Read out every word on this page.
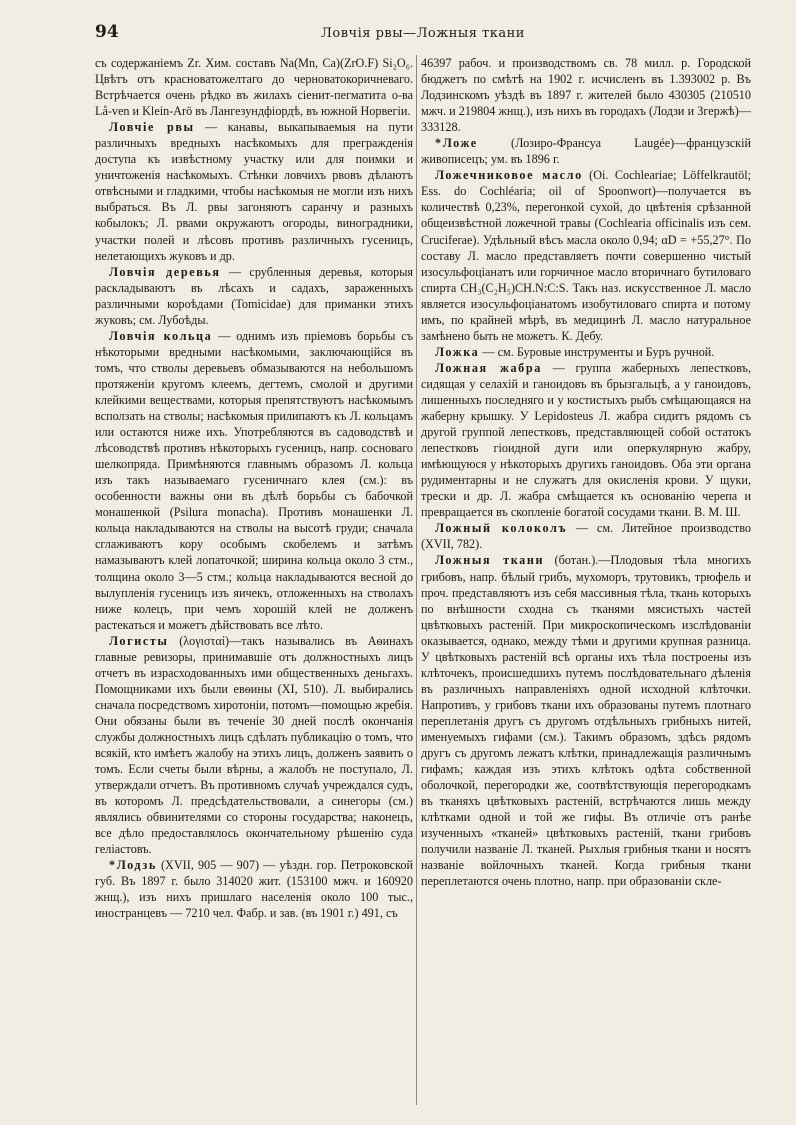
94	Ловчiя рвы—Ложныя ткани

съ содержанiемъ Zr. Хим. составъ Na(Mn, Ca)(ZrO.F) Si₂O₆. Цвѣтъ отъ красноватожелтаго до черноватокоричневаго. Встрѣчается очень рѣдко въ жилахъ сiенит-пегматита о-ва Lå-ven и Klein-Arö въ Лангезундфiордѣ, въ южной Норвегiи.

Ловчiе рвы — канавы, выкапываемыя на пути различныхъ вредныхъ насѣкомыхъ для прегражденiя доступа къ извѣстному участку или для поимки и уничтоженiя насѣкомыхъ. Стѣнки ловчихъ рвовъ дѣлаютъ отвѣсными и гладкими, чтобы насѣкомыя не могли изъ нихъ выбраться. Въ Л. рвы загоняютъ саранчу и разныхъ кобылокъ; Л. рвами окружаютъ огороды, виноградники, участки полей и лѣсовъ противъ различныхъ гусеницъ, нелетающихъ жуковъ и др.

Ловчiя деревья — срубленныя деревья, которыя раскладываютъ въ лѣсахъ и садахъ, зараженныхъ различными короѣдами (Tomicidae) для приманки этихъ жуковъ; см. Лубоѣды.

Ловчiя кольца — однимъ изъ прiемовъ борьбы съ нѣкоторыми вредными насѣкомыми, заключающiйся въ томъ, что стволы деревьевъ обмазываются на небольшомъ протяженiи кругомъ клеемъ, дегтемъ, смолой и другими клейкими веществами, которыя препятствуютъ насѣкомымъ всползать на стволы; насѣкомыя прилипаютъ къ Л. кольцамъ или остаются ниже ихъ. Употребляются въ садоводствѣ и лѣсоводствѣ противъ нѣкоторыхъ гусеницъ, напр. соснoваго шелкопряда. Примѣняются главнымъ образомъ Л. кольца изъ такъ называемаго гусеничнаго клея (см.): въ особенности важны они въ дѣлѣ борьбы съ бабочкой монашенкой (Psilura monacha). Противъ монашенки Л. кольца накладываются на стволы на высотѣ груди; сначала сглаживаютъ кору особымъ скобелемъ и затѣмъ намазываютъ клей лопаточкой; ширина кольца около 3 стм., толщина около 3—5 стм.; кольца накладываются весной до вылупленiя гусеницъ изъ яичекъ, отложенныхъ на стволахъ ниже колецъ, при чемъ хорошiй клей не долженъ растекаться и можетъ дѣйствовать все лѣто.

Логисты (λογισταί)—такъ назывались въ Аѳинахъ главные ревизоры, принимавшiе отъ должностныхъ лицъ отчетъ въ израсходованныхъ ими общественныхъ деньгахъ. Помощниками ихъ были евѳины (XI, 510). Л. выбирались сначала посредствомъ хиротонiи, потомъ—помощью жребiя. Они обязаны были въ теченiе 30 дней послѣ окончанiя службы должностныхъ лицъ сдѣлать публикацiю о томъ, что всякiй, кто имѣетъ жалобу на этихъ лицъ, долженъ заявить о томъ. Если счеты были вѣрны, а жалобъ не поступало, Л. утверждали отчетъ. Въ противномъ случаѣ учреждался судъ, въ которомъ Л. предсѣдательствовали, а синегоры (см.) являлись обвинителями со стороны государства; наконецъ, все дѣло предоставлялось окончательному рѣшенiю суда гелiастовъ.

*Лодзь (XVII, 905 — 907) — уѣздн. гор. Петроковской губ. Въ 1897 г. было 314020 жит. (153100 мжч. и 160920 жнщ.), изъ нихъ пришлаго населенiя около 100 тыс., иностранцевъ — 7210 чел. Фабр. и зав. (въ 1901 г.) 491, съ

46397 рабоч. и производствомъ св. 78 милл. р. Городской бюджетъ по смѣтѣ на 1902 г. исчисленъ въ 1.393002 р. Въ Лодзинскомъ уѣздѣ въ 1897 г. жителей было 430305 (210510 мжч. и 219804 жнщ.), изъ нихъ въ городахъ (Лодзи и Згержѣ)—333128.

*Ложе (Лозиро-Франсуа Laugée)—французскiй живописецъ; ум. въ 1896 г.

Ложечниковое масло (Oi. Cochleariae; Löffelkrautöl; Ess. do Cochléaria; oil of Spoonwort)—получается въ количествѣ 0,23%, перегонкой сухой, до цвѣтенiя срѣзанной общеизвѣстной ложечной травы (Cochlearia officinalis изъ сем. Cruciferae). Удѣльный вѣсъ масла около 0,94; αD = +55,27°. По составу Л. масло представляетъ почти совершенно чистый изосульфоцiанатъ или горчичное масло вторичнаго бутиловаго спирта CH₃(C₂H₅)CH.N:C:S. Такъ наз. искусственное Л. масло является изосульфоцiанатомъ изобутиловаго спирта и потому имъ, по крайней мѣрѣ, въ медицинѣ Л. масло натуральное замѣнено быть не можетъ. К. Дебу.

Ложка — см. Буровые инструменты и Буръ ручной.

Ложная жабра — группа жаберныхъ лепестковъ, сидящая у селахiй и ганоидовъ въ брызгальцѣ, а у ганоидовъ, лишенныхъ последняго и у костистыхъ рыбъ смѣщающаяся на жаберну крышку. У Lepidosteus Л. жабра сидитъ рядомъ съ другой группой лепестковъ, представляющей собой остатокъ лепестковъ гiоидной дуги или оперкулярную жабру, имѣющуюся у нѣкоторыхъ другихъ ганоидовъ. Оба эти органа рудиментарны и не служатъ для окисленiя крови. У щуки, трески и др. Л. жабра смѣщается къ основанiю черепа и превращается въ скопленiе богатой сосудами ткани. В. М. Ш.

Ложный колоколъ — см. Литейное производство (XVII, 782).

Ложныя ткани (ботан.).—Плодовыя тѣла многихъ грибовъ, напр. бѣлый грибъ, мухоморъ, трутовикъ, трюфель и проч. представляютъ изъ себя массивныя тѣла, ткань которыхъ по внѣшности сходна съ тканями мясистыхъ частей цвѣтковыхъ растенiй. При микроскопическомъ изслѣдованiи оказывается, однако, между тѣми и другими крупная разница. У цвѣтковыхъ растенiй всѣ органы ихъ тѣла построены изъ клѣточекъ, происшедшихъ путемъ послѣдовательнаго дѣленiя въ различныхъ направленiяхъ одной исходной клѣточки. Напротивъ, у грибовъ ткани ихъ образованы путемъ плотнаго переплетанiя другъ съ другомъ отдѣльныхъ грибныхъ нитей, именуемыхъ гифами (см.). Такимъ образомъ, здѣсь рядомъ другъ съ другомъ лежатъ клѣтки, принадлежащiя различнымъ гифамъ; каждая изъ этихъ клѣтокъ одѣта собственной оболочкой, перегородки же, соотвѣтствующiя перегородкамъ въ тканяхъ цвѣтковыхъ растенiй, встрѣчаются лишь между клѣтками одной и той же гифы. Въ отличiе отъ ранѣе изученныхъ «тканей» цвѣтковыхъ растенiй, ткани грибовъ получили названiе Л. тканей. Рыхлыя грибныя ткани и носятъ названiе войлочныхъ тканей. Когда грибныя ткани переплетаются очень плотно, напр. при образованiи скле-
